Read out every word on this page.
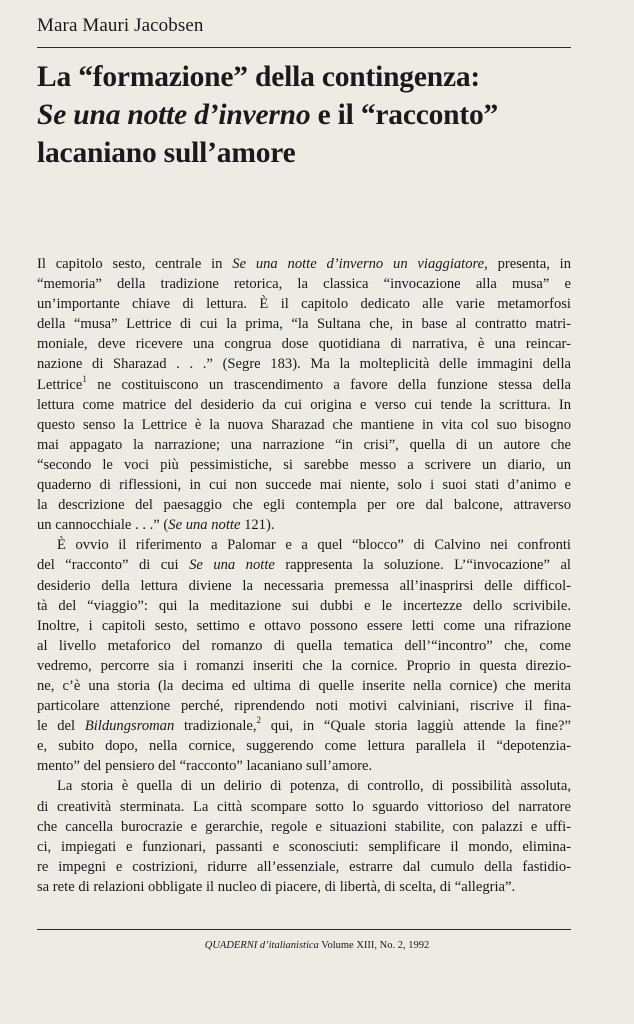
Mara Mauri Jacobsen
La “formazione” della contingenza:
Se una notte d’inverno e il “racconto”
lacaniano sull’amore

Il capitolo sesto, centrale in Se una notte d’inverno un viaggiatore, presenta, in
“memoria” della tradizione retorica, la classica “invocazione alla musa” e
un’importante chiave di lettura. È il capitolo dedicato alle varie metamorfosi
della “musa” Lettrice di cui la prima, “la Sultana che, in base al contratto matri-
moniale, deve ricevere una congrua dose quotidiana di narrativa, è una reincar-
nazione di Sharazad . . .” (Segre 183). Ma la molteplicità delle immagini della
Lettrice$^1$ ne costituiscono un trascendimento a favore della funzione stessa della
lettura come matrice del desiderio da cui origina e verso cui tende la scrittura. In
questo senso la Lettrice è la nuova Sharazad che mantiene in vita col suo bisogno
mai appagato la narrazione; una narrazione “in crisi”, quella di un autore che
“secondo le voci più pessimistiche, si sarebbe messo a scrivere un diario, un
quaderno di riflessioni, in cui non succede mai niente, solo i suoi stati d’animo e
la descrizione del paesaggio che egli contempla per ore dal balcone, attraverso
un cannocchiale . . .” (Se una notte 121).

È ovvio il riferimento a Palomar e a quel “blocco” di Calvino nei confronti
del “racconto” di cui Se una notte rappresenta la soluzione. L’“invocazione” al
desiderio della lettura diviene la necessaria premessa all’inasprirsi delle difficol-
tà del “viaggio”: qui la meditazione sui dubbi e le incertezze dello scrivibile.
Inoltre, i capitoli sesto, settimo e ottavo possono essere letti come una rifrazione
al livello metaforico del romanzo di quella tematica dell’“incontro” che, come
vedremo, percorre sia i romanzi inseriti che la cornice. Proprio in questa direzio-
ne, c’è una storia (la decima ed ultima di quelle inserite nella cornice) che merita
particolare attenzione perché, riprendendo noti motivi calviniani, riscrive il fina-
le del Bildungsroman tradizionale,$^2$ qui, in “Quale storia laggiù attende la fine?”
e, subito dopo, nella cornice, suggerendo come lettura parallela il “depotenzia-
mento” del pensiero del “racconto” lacaniano sull’amore.

La storia è quella di un delirio di potenza, di controllo, di possibilità assoluta,
di creatività sterminata. La città scompare sotto lo sguardo vittorioso del narratore
che cancella burocrazie e gerarchie, regole e situazioni stabilite, con palazzi e uffi-
ci, impiegati e funzionari, passanti e sconosciuti: semplificare il mondo, elimina-
re impegni e costrizioni, ridurre all’essenziale, estrarre dal cumulo della fastidio-
sa rete di relazioni obbligate il nucleo di piacere, di libertà, di scelta, di “allegria”.

QUADERNI d’italianistica Volume XIII, No. 2, 1992
